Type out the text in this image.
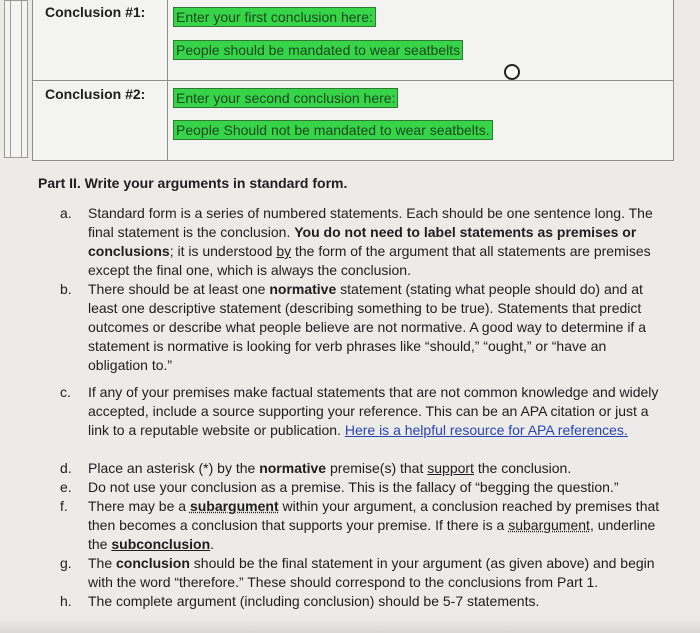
Conclusion #1: Enter your first conclusion here:
People should be mandated to wear seatbelts
Conclusion #2: Enter your second conclusion here:
People Should not be mandated to wear seatbelts.
Part II. Write your arguments in standard form.
a. Standard form is a series of numbered statements. Each should be one sentence long. The final statement is the conclusion. You do not need to label statements as premises or conclusions; it is understood by the form of the argument that all statements are premises except the final one, which is always the conclusion.
b. There should be at least one normative statement (stating what people should do) and at least one descriptive statement (describing something to be true). Statements that predict outcomes or describe what people believe are not normative. A good way to determine if a statement is normative is looking for verb phrases like “should,” “ought,” or “have an obligation to.”
c. If any of your premises make factual statements that are not common knowledge and widely accepted, include a source supporting your reference. This can be an APA citation or just a link to a reputable website or publication. Here is a helpful resource for APA references.
d. Place an asterisk (*) by the normative premise(s) that support the conclusion.
e. Do not use your conclusion as a premise. This is the fallacy of “begging the question.”
f. There may be a subargument within your argument, a conclusion reached by premises that then becomes a conclusion that supports your premise. If there is a subargument, underline the subconclusion.
g. The conclusion should be the final statement in your argument (as given above) and begin with the word “therefore.” These should correspond to the conclusions from Part 1.
h. The complete argument (including conclusion) should be 5-7 statements.
